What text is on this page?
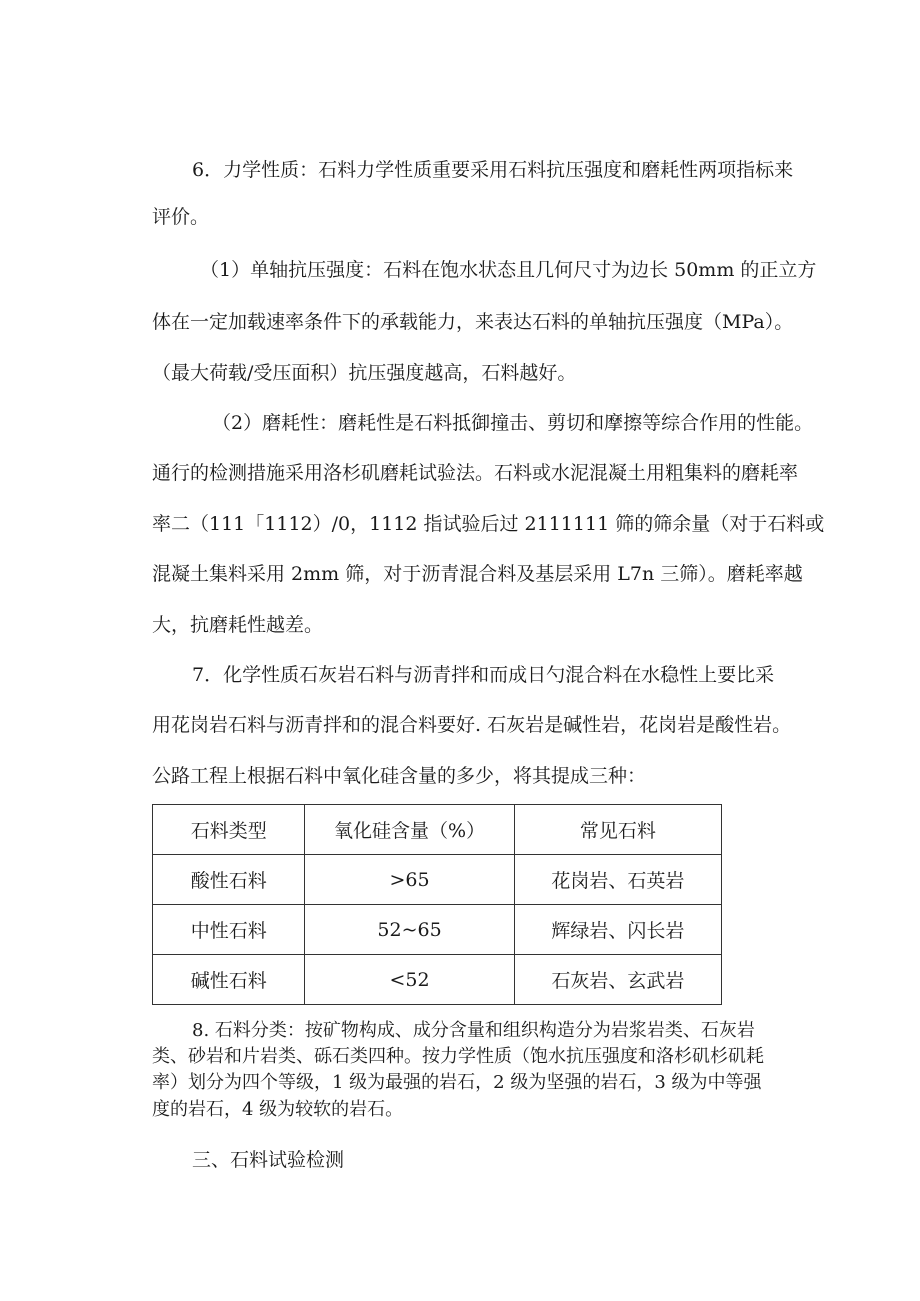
6．力学性质：石料力学性质重要采用石料抗压强度和磨耗性两项指标来
评价。
（1）单轴抗压强度：石料在饱水状态且几何尺寸为边长 50mm 的正立方
体在一定加载速率条件下的承载能力，来表达石料的单轴抗压强度（MPa）。
（最大荷载/受压面积）抗压强度越高，石料越好。
（2）磨耗性：磨耗性是石料抵御撞击、剪切和摩擦等综合作用的性能。
通行的检测措施采用洛杉矶磨耗试验法。石料或水泥混凝土用粗集料的磨耗率
率二（111「1112）/0，1112 指试验后过 2111111 筛的筛余量（对于石料或
混凝土集料采用 2mm 筛，对于沥青混合料及基层采用 L7n 三筛）。磨耗率越
大，抗磨耗性越差。
7．化学性质石灰岩石料与沥青拌和而成日勺混合料在水稳性上要比采
用花岗岩石料与沥青拌和的混合料要好. 石灰岩是碱性岩，花岗岩是酸性岩。
公路工程上根据石料中氧化硅含量的多少，将其提成三种：
石料类型	氧化硅含量（%）	常见石料
酸性石料	>65	花岗岩、石英岩
中性石料	52~65	辉绿岩、闪长岩
碱性石料	<52	石灰岩、玄武岩
8. 石料分类：按矿物构成、成分含量和组织构造分为岩浆岩类、石灰岩
类、砂岩和片岩类、砾石类四种。按力学性质（饱水抗压强度和洛杉矶杉矶耗
率）划分为四个等级，1 级为最强的岩石，2 级为坚强的岩石，3 级为中等强
度的岩石，4 级为较软的岩石。
三、石料试验检测
